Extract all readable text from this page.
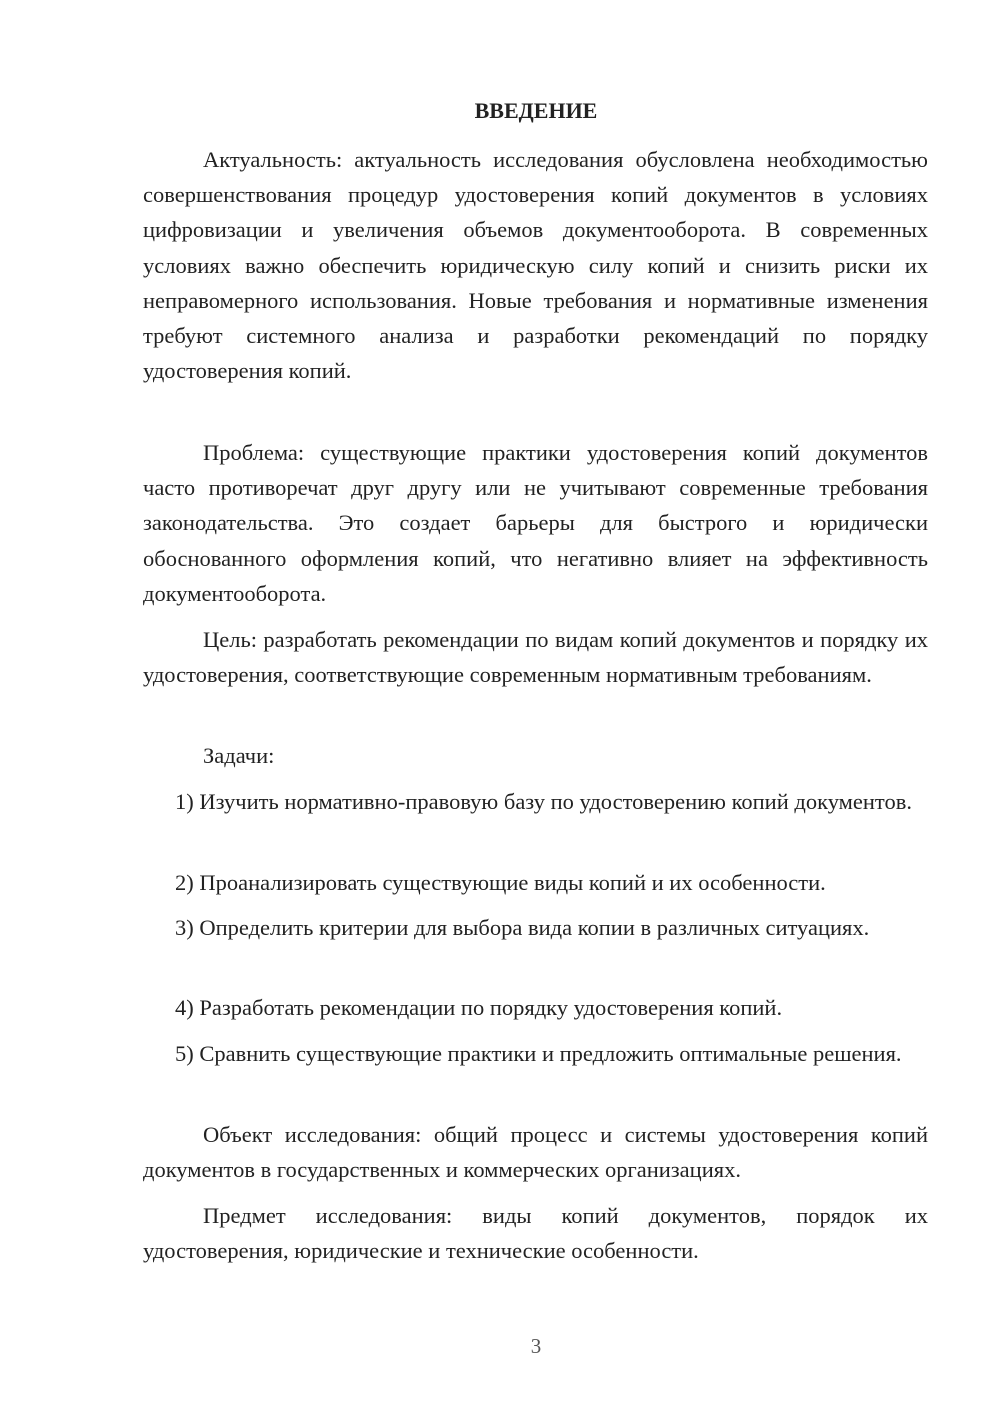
ВВЕДЕНИЕ

Актуальность: актуальность исследования обусловлена необходимостью совершенствования процедур удостоверения копий документов в условиях цифровизации и увеличения объемов документооборота. В современных условиях важно обеспечить юридическую силу копий и снизить риски их неправомерного использования. Новые требования и нормативные изменения требуют системного анализа и разработки рекомендаций по порядку удостоверения копий.

Проблема: существующие практики удостоверения копий документов часто противоречат друг другу или не учитывают современные требования законодательства. Это создает барьеры для быстрого и юридически обоснованного оформления копий, что негативно влияет на эффективность документооборота.

Цель: разработать рекомендации по видам копий документов и порядку их удостоверения, соответствующие современным нормативным требованиям.

Задачи:

1) Изучить нормативно-правовую базу по удостоверению копий документов.

2) Проанализировать существующие виды копий и их особенности.

3) Определить критерии для выбора вида копии в различных ситуациях.

4) Разработать рекомендации по порядку удостоверения копий.

5) Сравнить существующие практики и предложить оптимальные решения.

Объект исследования: общий процесс и системы удостоверения копий документов в государственных и коммерческих организациях.

Предмет исследования: виды копий документов, порядок их удостоверения, юридические и технические особенности.

3
